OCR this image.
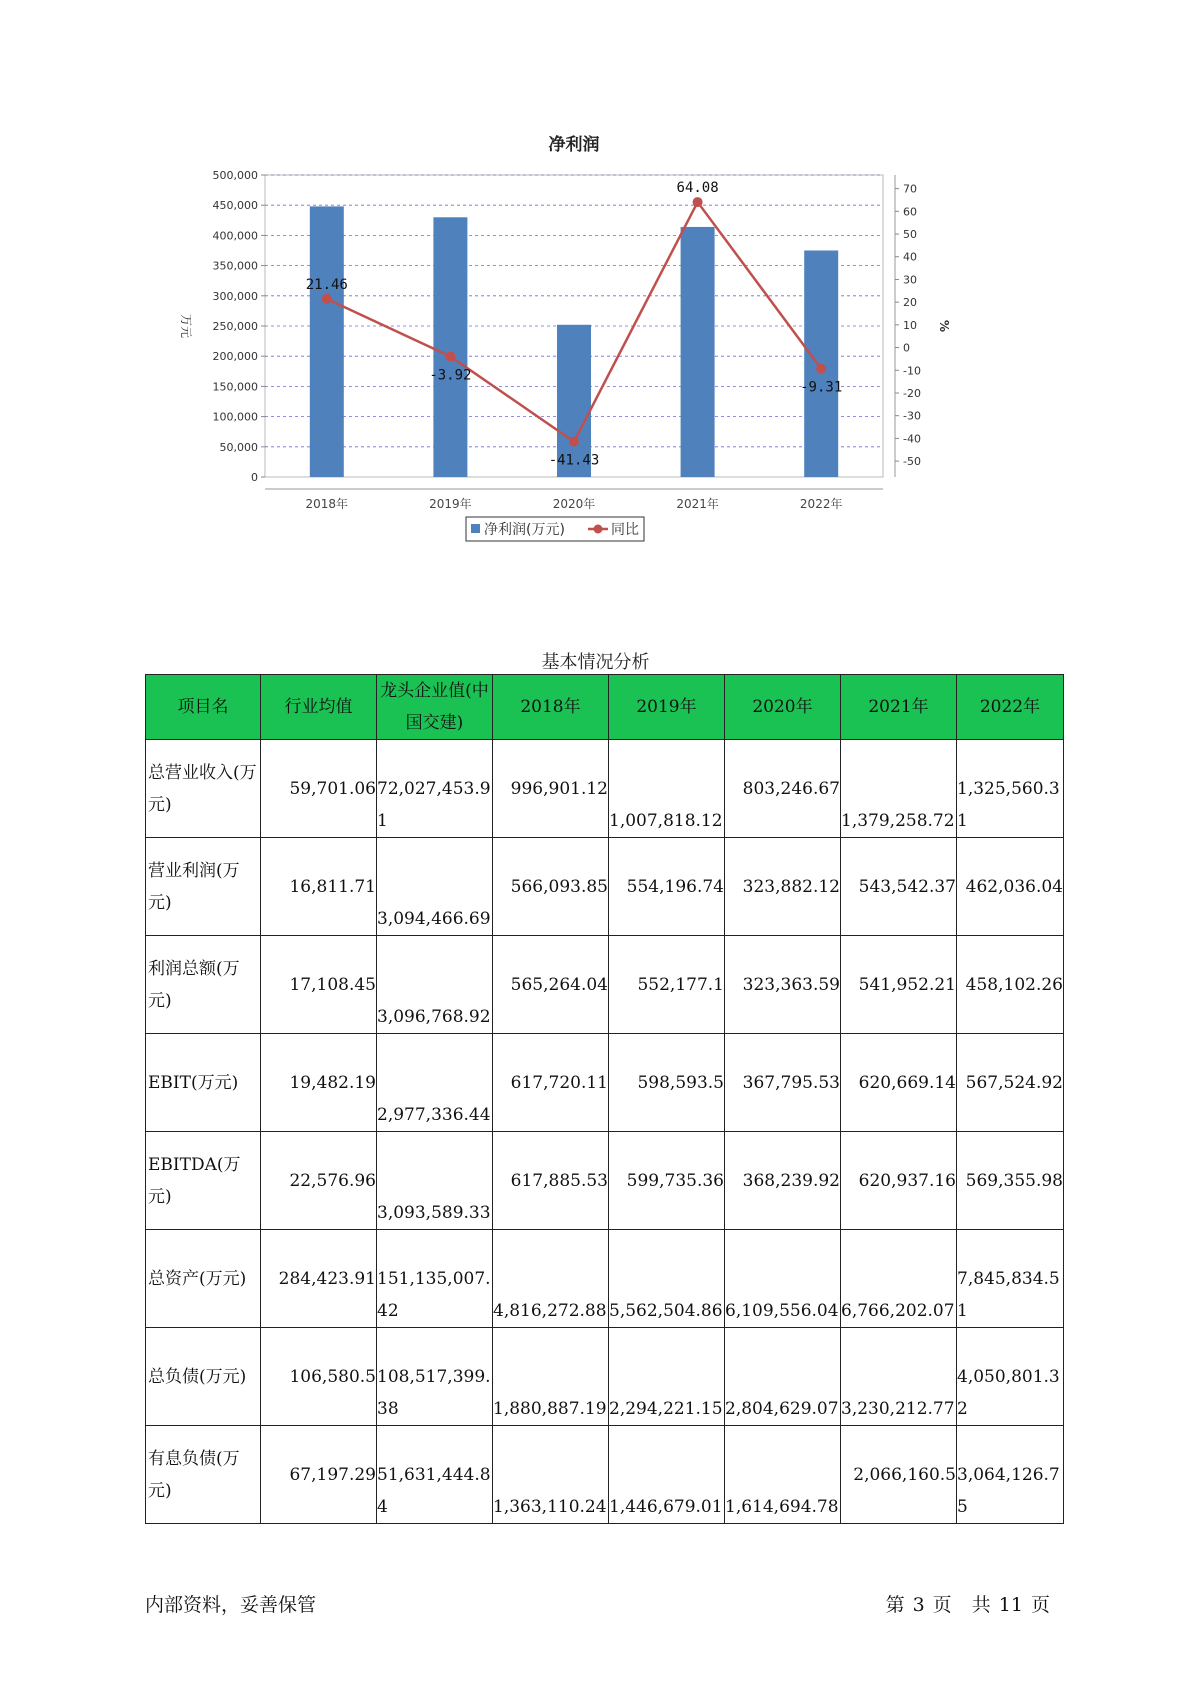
净利润
0
50,000
100,000
150,000
200,000
250,000
300,000
350,000
400,000
450,000
500,000
万元
70
60
50
40
30
20
10
0
-10
-20
-30
-40
-50
%
2018年	2019年	2020年	2021年	2022年
21.46
-3.92
-41.43
64.08
-9.31
净利润(万元)	同比
基本情况分析
项目名	行业均值	龙头企业值(中国交建)	2018年	2019年	2020年	2021年	2022年
总营业收入(万元)	59,701.06	72,027,453.91	996,901.12	1,007,818.12	803,246.67	1,379,258.72	1,325,560.31
营业利润(万元)	16,811.71	3,094,466.69	566,093.85	554,196.74	323,882.12	543,542.37	462,036.04
利润总额(万元)	17,108.45	3,096,768.92	565,264.04	552,177.1	323,363.59	541,952.21	458,102.26
EBIT(万元)	19,482.19	2,977,336.44	617,720.11	598,593.5	367,795.53	620,669.14	567,524.92
EBITDA(万元)	22,576.96	3,093,589.33	617,885.53	599,735.36	368,239.92	620,937.16	569,355.98
总资产(万元)	284,423.91	151,135,007.42	4,816,272.88	5,562,504.86	6,109,556.04	6,766,202.07	7,845,834.51
总负债(万元)	106,580.5	108,517,399.38	1,880,887.19	2,294,221.15	2,804,629.07	3,230,212.77	4,050,801.32
有息负债(万元)	67,197.29	51,631,444.84	1,363,110.24	1,446,679.01	1,614,694.78	2,066,160.5	3,064,126.75
内部资料，妥善保管	第 3 页 共 11 页
